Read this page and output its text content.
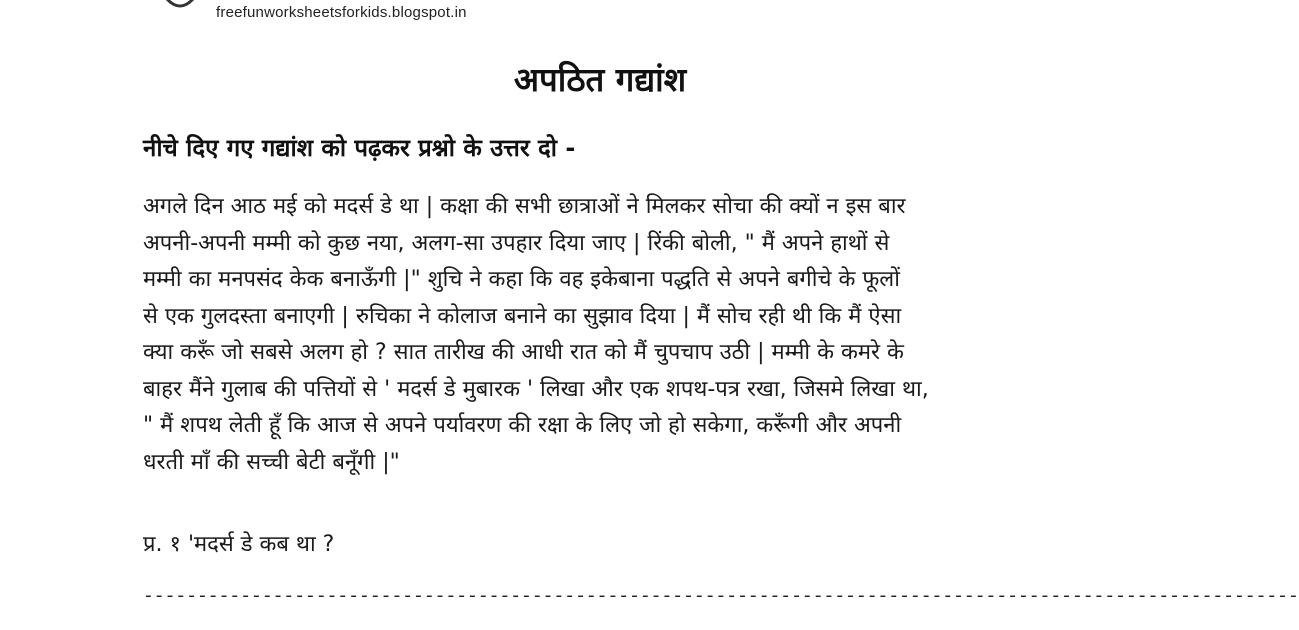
freefunworksheetsforkids.blogspot.in
अपठित गद्यांश
नीचे दिए गए गद्यांश को पढ़कर प्रश्नो के उत्तर दो -
अगले दिन आठ मई को मदर्स डे था | कक्षा की सभी छात्राओं ने मिलकर सोचा की क्यों न इस बार
अपनी-अपनी मम्मी को कुछ नया, अलग-सा उपहार दिया जाए | रिंकी बोली, " मैं अपने हाथों से
मम्मी का मनपसंद केक बनाऊँगी |" शुचि ने कहा कि वह इकेबाना पद्धति से अपने बगीचे के फूलों
से एक गुलदस्ता बनाएगी | रुचिका ने कोलाज बनाने का सुझाव दिया | मैं सोच रही थी कि मैं ऐसा
क्या करूँ जो सबसे अलग हो ? सात तारीख की आधी रात को मैं चुपचाप उठी | मम्मी के कमरे के
बाहर मैंने गुलाब की पत्तियों से ' मदर्स डे मुबारक ' लिखा और एक शपथ-पत्र रखा, जिसमे लिखा था,
" मैं शपथ लेती हूँ कि आज से अपने पर्यावरण की रक्षा के लिए जो हो सकेगा, करूँगी और अपनी
धरती माँ की सच्ची बेटी बनूँगी |"
प्र. १ 'मदर्स डे कब था ?
-----------------------------------------------------------------------------------------------------------
